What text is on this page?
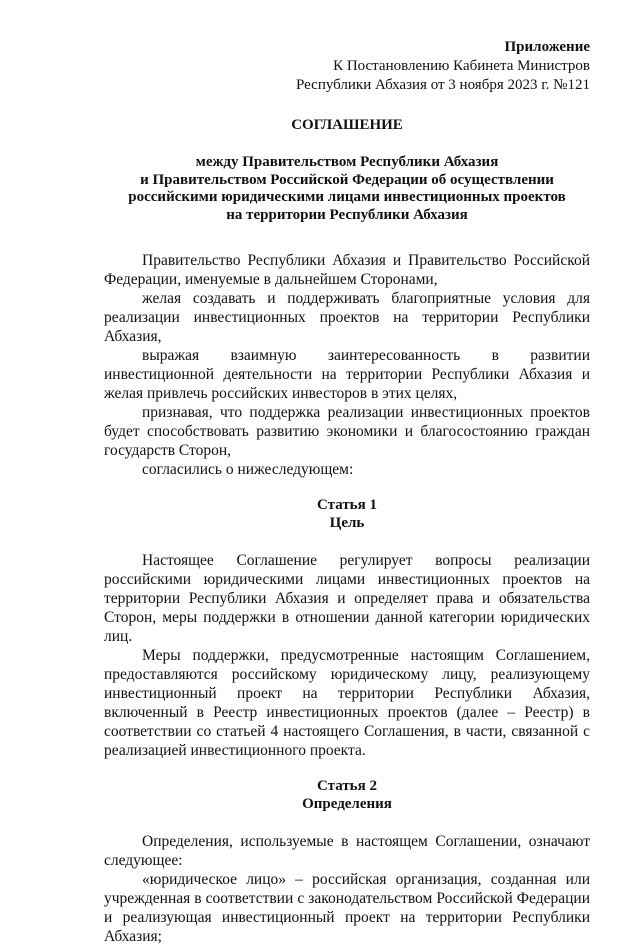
Приложение
К Постановлению Кабинета Министров
Республики Абхазия от 3 ноября 2023 г. №121
СОГЛАШЕНИЕ
между Правительством Республики Абхазия
и Правительством Российской Федерации об осуществлении
российскими юридическими лицами инвестиционных проектов
на территории Республики Абхазия

Правительство Республики Абхазия и Правительство Российской Федерации, именуемые в дальнейшем Сторонами,

желая создавать и поддерживать благоприятные условия для реализации инвестиционных проектов на территории Республики Абхазия,

выражая взаимную заинтересованность в развитии инвестиционной деятельности на территории Республики Абхазия и желая привлечь российских инвесторов в этих целях,

признавая, что поддержка реализации инвестиционных проектов будет способствовать развитию экономики и благосостоянию граждан государств Сторон,

согласились о нижеследующем:

Статья 1
Цель

Настоящее Соглашение регулирует вопросы реализации российскими юридическими лицами инвестиционных проектов на территории Республики Абхазия и определяет права и обязательства Сторон, меры поддержки в отношении данной категории юридических лиц.

Меры поддержки, предусмотренные настоящим Соглашением, предоставляются российскому юридическому лицу, реализующему инвестиционный проект на территории Республики Абхазия, включенный в Реестр инвестиционных проектов (далее – Реестр) в соответствии со статьей 4 настоящего Соглашения, в части, связанной с реализацией инвестиционного проекта.

Статья 2
Определения

Определения, используемые в настоящем Соглашении, означают следующее:

«юридическое лицо» – российская организация, созданная или учрежденная в соответствии с законодательством Российской Федерации и реализующая инвестиционный проект на территории Республики Абхазия;
